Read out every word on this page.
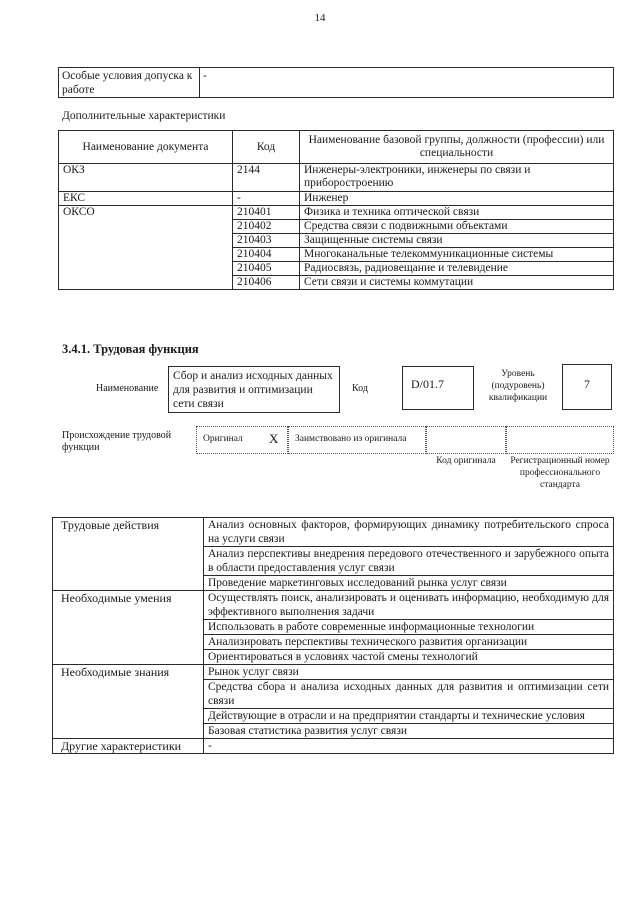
14
Особые условия допуска к работе	-
Дополнительные характеристики
Наименование документа	Код	Наименование базовой группы, должности (профессии) или специальности
ОКЗ	2144	Инженеры-электроники, инженеры по связи и приборостроению
ЕКС	-	Инженер
ОКСО	210401	Физика и техника оптической связи
	210402	Средства связи с подвижными объектами
	210403	Защищенные системы связи
	210404	Многоканальные телекоммуникационные системы
	210405	Радиосвязь, радиовещание и телевидение
	210406	Сети связи и системы коммутации
3.4.1. Трудовая функция
Наименование
Сбор и анализ исходных данных для развития и оптимизации сети связи
Код	D/01.7
Уровень (подуровень) квалификации
7
Происхождение трудовой функции
Оригинал X Заимствовано из оригинала
Код оригинала	Регистрационный номер профессионального стандарта
Трудовые действия	Анализ основных факторов, формирующих динамику потребительского спроса на услуги связи
	Анализ перспективы внедрения передового отечественного и зарубежного опыта в области предоставления услуг связи
	Проведение маркетинговых исследований рынка услуг связи
Необходимые умения	Осуществлять поиск, анализировать и оценивать информацию, необходимую для эффективного выполнения задачи
	Использовать в работе современные информационные технологии
	Анализировать перспективы технического развития организации
	Ориентироваться в условиях частой смены технологий
Необходимые знания	Рынок услуг связи
	Средства сбора и анализа исходных данных для развития и оптимизации сети связи
	Действующие в отрасли и на предприятии стандарты и технические условия
	Базовая статистика развития услуг связи
Другие характеристики	-
